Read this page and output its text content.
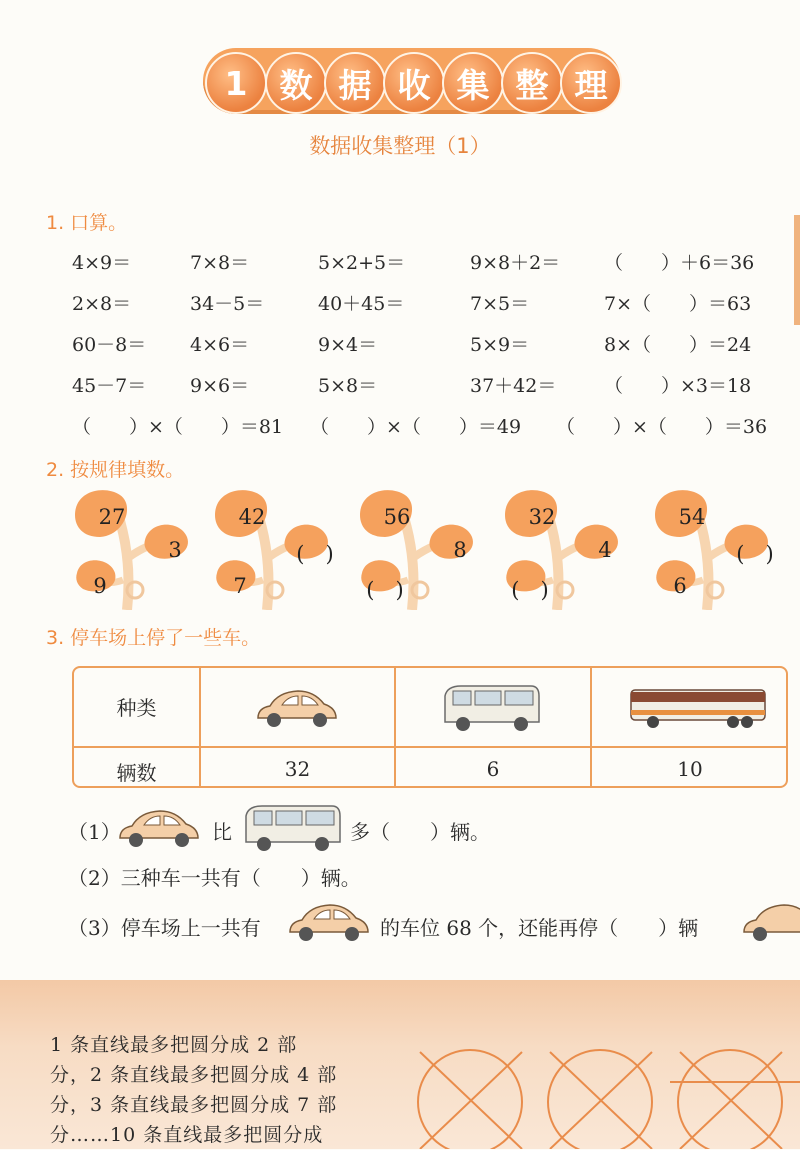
1 数 据 收 集 整 理
数据收集整理（1）
1. 口算。
4×9＝	7×8＝	5×2+5＝	9×8＋2＝ （　　）＋6＝36
2×8＝	34－5＝	40＋45＝	7×5＝	7×（　　）＝63
60－8＝ 4×6＝	9×4＝	5×9＝	8×（　　）＝24
45－7＝ 9×6＝	5×8＝	37＋42＝	（　　）×3＝18
（　　）×（　　）＝81 （　　）×（　　）＝49 （　　）×（　　）＝36
2. 按规律填数。
27
3
9
42
(　)
7
56
8
(　)
32
4
(　)
54
(　)
6
3. 停车场上停了一些车。
种类
辆数	32	6	10
（1）	比	多（　　）辆。
（2）三种车一共有（　　）辆。
（3）停车场上一共有	的车位 68 个，还能再停（　　）辆
1 条直线最多把圆分成 2 部
分，2 条直线最多把圆分成 4 部
分，3 条直线最多把圆分成 7 部
分……10 条直线最多把圆分成
